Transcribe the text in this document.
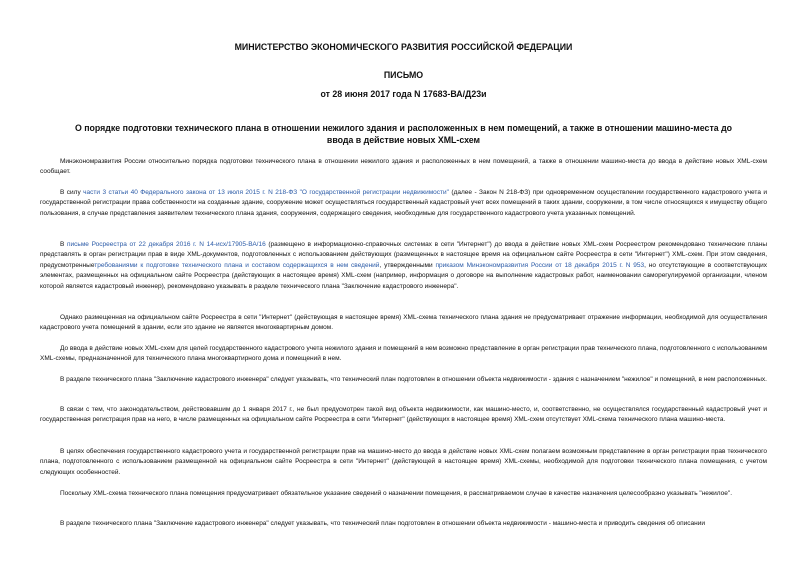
МИНИСТЕРСТВО ЭКОНОМИЧЕСКОГО РАЗВИТИЯ РОССИЙСКОЙ ФЕДЕРАЦИИ
ПИСЬМО
от 28 июня 2017 года N 17683-ВА/Д23и
О порядке подготовки технического плана в отношении нежилого здания и расположенных в нем помещений, а также в отношении машино-места до ввода в действие новых XML-схем

Минэкономразвития России относительно порядка подготовки технического плана в отношении нежилого здания и расположенных в нем помещений, а также в отношении машино-места до ввода в действие новых XML-схем сообщает.

В силу части 3 статьи 40 Федерального закона от 13 июля 2015 г. N 218-ФЗ "О государственной регистрации недвижимости" (далее - Закон N 218-ФЗ) при одновременном осуществлении государственного кадастрового учета и государственной регистрации права собственности на созданные здание, сооружение может осуществляться государственный кадастровый учет всех помещений в таких здании, сооружении, в том числе относящихся к имуществу общего пользования, в случае представления заявителем технического плана здания, сооружения, содержащего сведения, необходимые для государственного кадастрового учета указанных помещений.

В письме Росреестра от 22 декабря 2016 г. N 14-исх/17905-ВА/16 (размещено в информационно-справочных системах в сети "Интернет") до ввода в действие новых XML-схем Росреестром рекомендовано технические планы представлять в орган регистрации прав в виде XML-документов, подготовленных с использованием действующих (размещенных в настоящее время на официальном сайте Росреестра в сети "Интернет") XML-схем. При этом сведения, предусмотренныетребованиями к подготовке технического плана и составом содержащихся в нем сведений, утвержденными приказом Минэкономразвития России от 18 декабря 2015 г. N 953, но отсутствующие в соответствующих элементах, размещенных на официальном сайте Росреестра (действующих в настоящее время) XML-схем (например, информация о договоре на выполнение кадастровых работ, наименовании саморегулируемой организации, членом которой является кадастровый инженер), рекомендовано указывать в разделе технического плана "Заключение кадастрового инженера".

Однако размещенная на официальном сайте Росреестра в сети "Интернет" (действующая в настоящее время) XML-схема технического плана здания не предусматривает отражение информации, необходимой для осуществления кадастрового учета помещений в здании, если это здание не является многоквартирным домом.

До ввода в действие новых XML-схем для целей государственного кадастрового учета нежилого здания и помещений в нем возможно представление в орган регистрации прав технического плана, подготовленного с использованием XML-схемы, предназначенной для технического плана многоквартирного дома и помещений в нем.

В разделе технического плана "Заключение кадастрового инженера" следует указывать, что технический план подготовлен в отношении объекта недвижимости - здания с назначением "нежилое" и помещений, в нем расположенных.

В связи с тем, что законодательством, действовавшим до 1 января 2017 г., не был предусмотрен такой вид объекта недвижимости, как машино-место, и, соответственно, не осуществлялся государственный кадастровый учет и государственная регистрация прав на него, в числе размещенных на официальном сайте Росреестра в сети "Интернет" (действующих в настоящее время) XML-схем отсутствует XML-схема технического плана машино-места.

В целях обеспечения государственного кадастрового учета и государственной регистрации прав на машино-место до ввода в действие новых XML-схем полагаем возможным представление в орган регистрации прав технического плана, подготовленного с использованием размещенной на официальном сайте Росреестра в сети "Интернет" (действующей в настоящее время) XML-схемы, необходимой для подготовки технического плана помещения, с учетом следующих особенностей.

Поскольку XML-схема технического плана помещения предусматривает обязательное указание сведений о назначении помещения, в рассматриваемом случае в качестве назначения целесообразно указывать "нежилое".

В разделе технического плана "Заключение кадастрового инженера" следует указывать, что технический план подготовлен в отношении объекта недвижимости - машино-места и приводить сведения об описании
